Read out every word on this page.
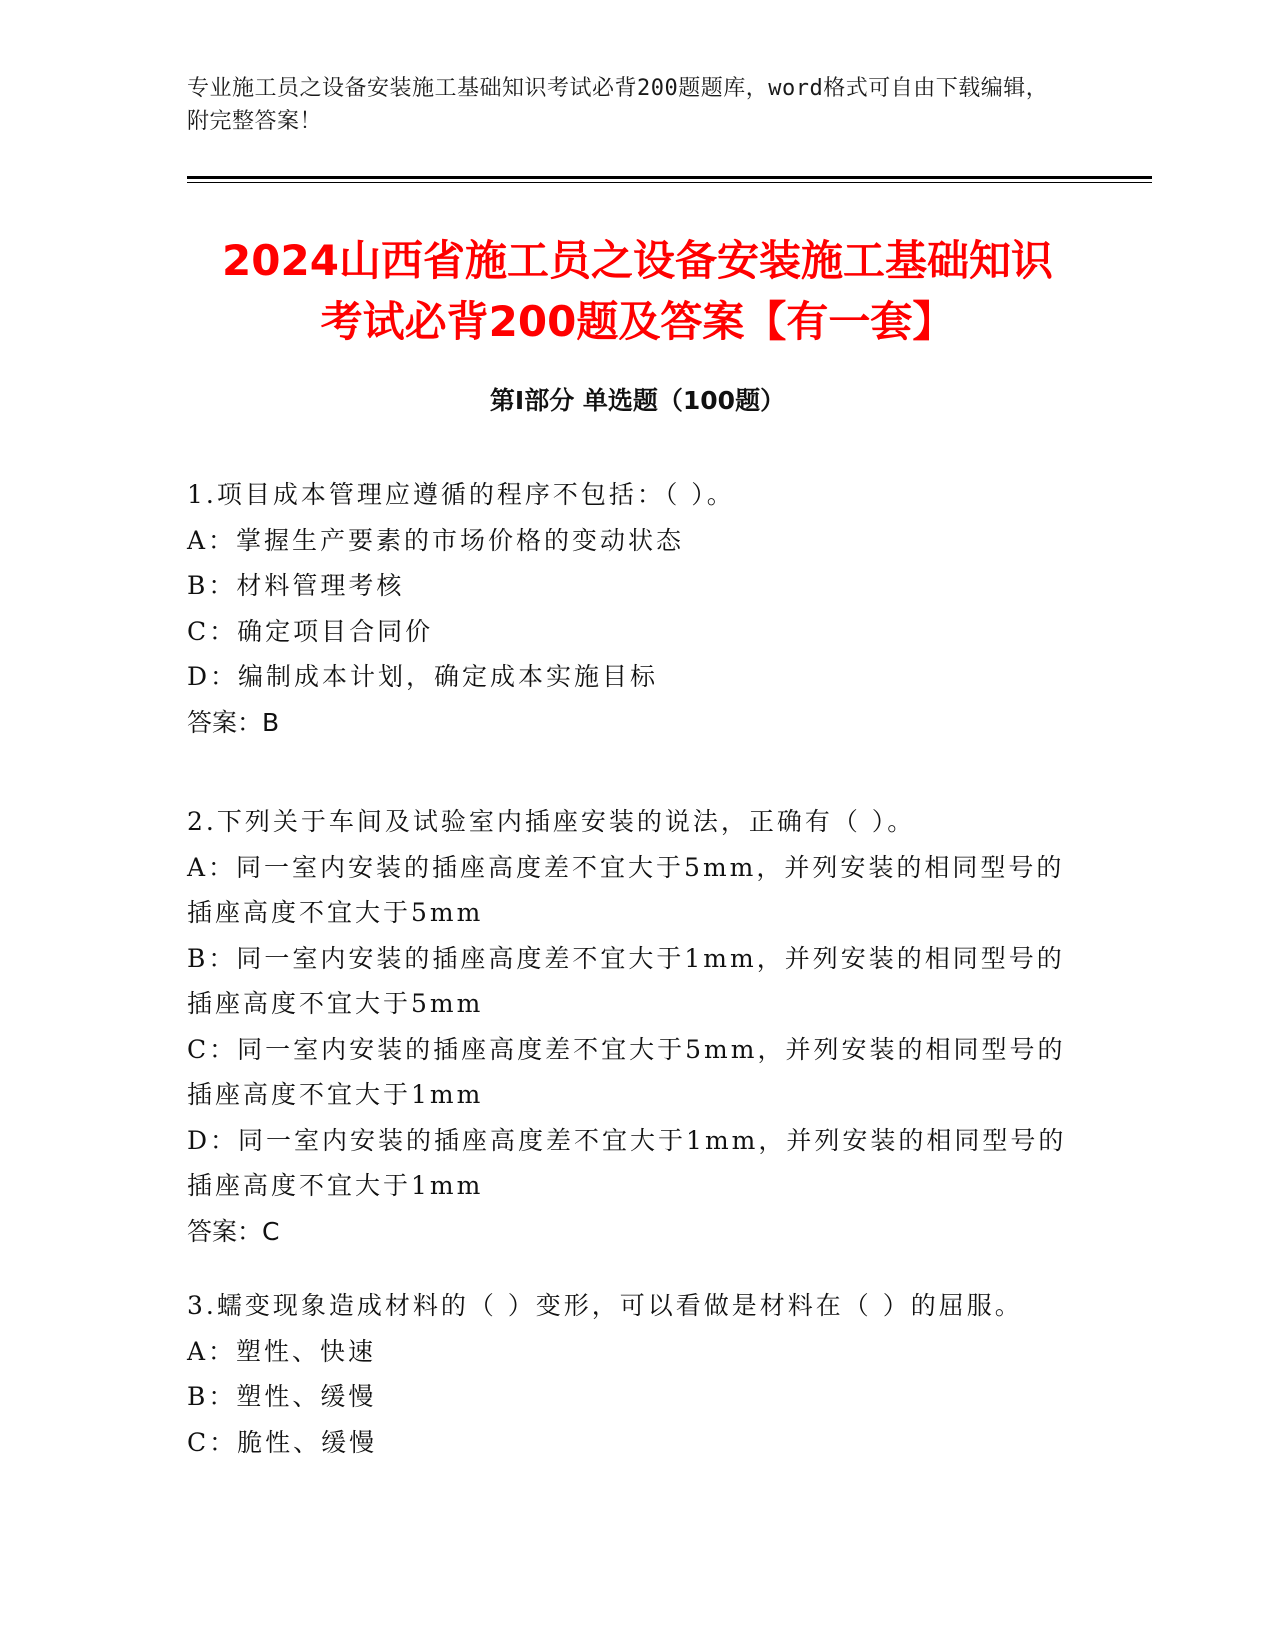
专业施工员之设备安装施工基础知识考试必背200题题库，word格式可自由下载编辑，附完整答案！
2024山西省施工员之设备安装施工基础知识
考试必背200题及答案【有一套】
第Ⅰ部分 单选题（100题）
1.项目成本管理应遵循的程序不包括：（ ）。
A：掌握生产要素的市场价格的变动状态
B：材料管理考核
C：确定项目合同价
D：编制成本计划，确定成本实施目标
答案：B
2.下列关于车间及试验室内插座安装的说法，正确有（ ）。
A：同一室内安装的插座高度差不宜大于5mm，并列安装的相同型号的插座高度不宜大于5mm
B：同一室内安装的插座高度差不宜大于1mm，并列安装的相同型号的插座高度不宜大于5mm
C：同一室内安装的插座高度差不宜大于5mm，并列安装的相同型号的插座高度不宜大于1mm
D：同一室内安装的插座高度差不宜大于1mm，并列安装的相同型号的插座高度不宜大于1mm
答案：C
3.蠕变现象造成材料的（ ）变形，可以看做是材料在（ ）的屈服。
A：塑性、快速
B：塑性、缓慢
C：脆性、缓慢
